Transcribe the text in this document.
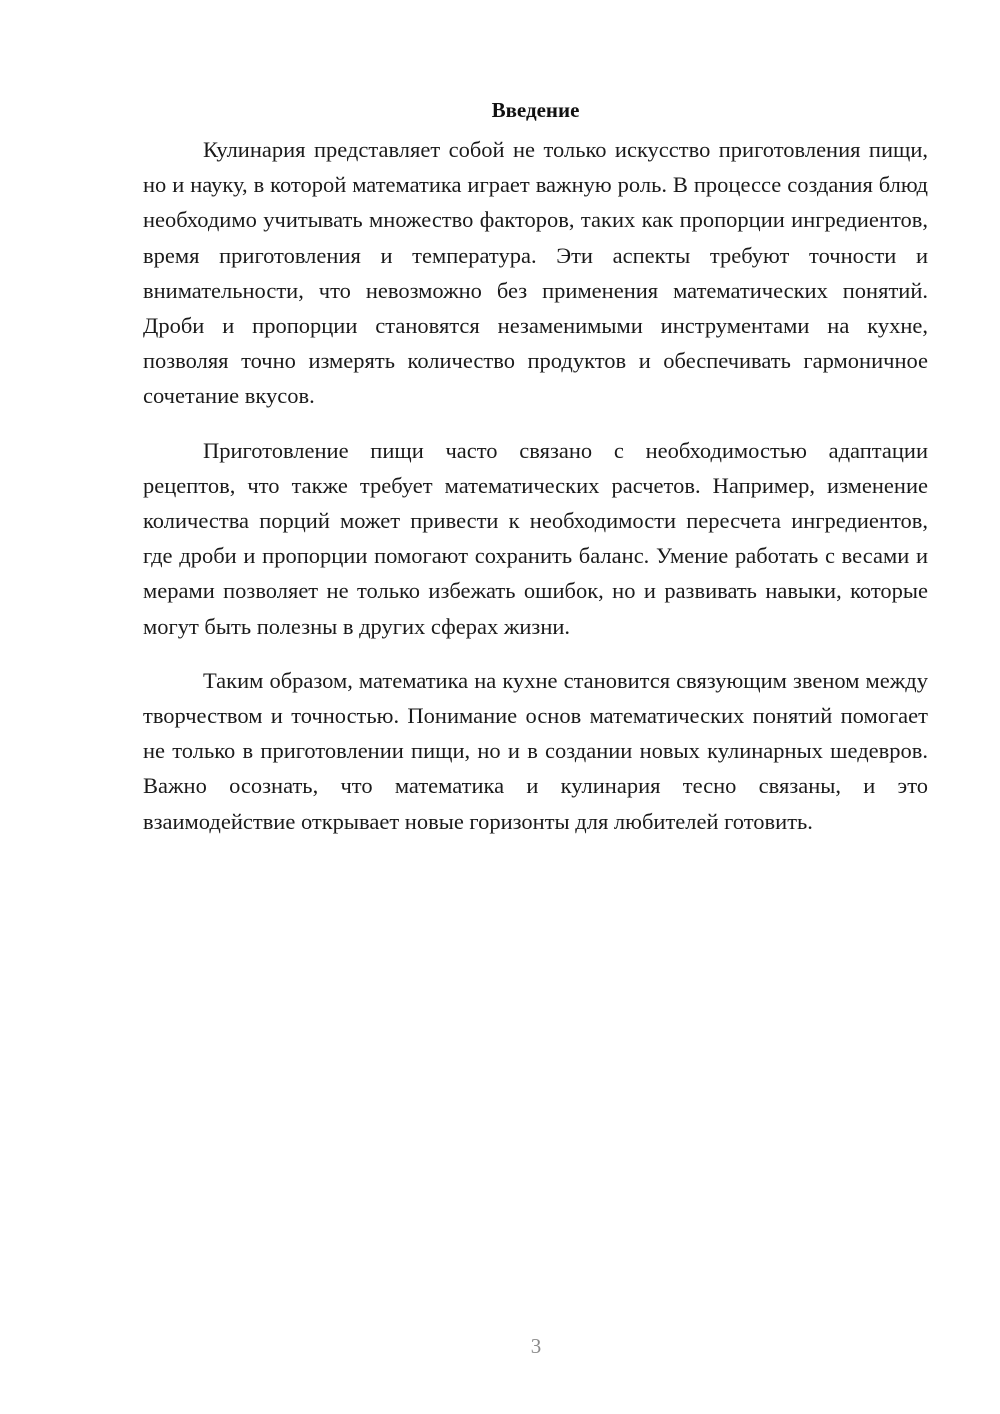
Введение

Кулинария представляет собой не только искусство приготовления пищи, но и науку, в которой математика играет важную роль. В процессе создания блюд необходимо учитывать множество факторов, таких как пропорции ингредиентов, время приготовления и температура. Эти аспекты требуют точности и внимательности, что невозможно без применения математических понятий. Дроби и пропорции становятся незаменимыми инструментами на кухне, позволяя точно измерять количество продуктов и обеспечивать гармоничное сочетание вкусов.

Приготовление пищи часто связано с необходимостью адаптации рецептов, что также требует математических расчетов. Например, изменение количества порций может привести к необходимости пересчета ингредиентов, где дроби и пропорции помогают сохранить баланс. Умение работать с весами и мерами позволяет не только избежать ошибок, но и развивать навыки, которые могут быть полезны в других сферах жизни.

Таким образом, математика на кухне становится связующим звеном между творчеством и точностью. Понимание основ математических понятий помогает не только в приготовлении пищи, но и в создании новых кулинарных шедевров. Важно осознать, что математика и кулинария тесно связаны, и это взаимодействие открывает новые горизонты для любителей готовить.

3
